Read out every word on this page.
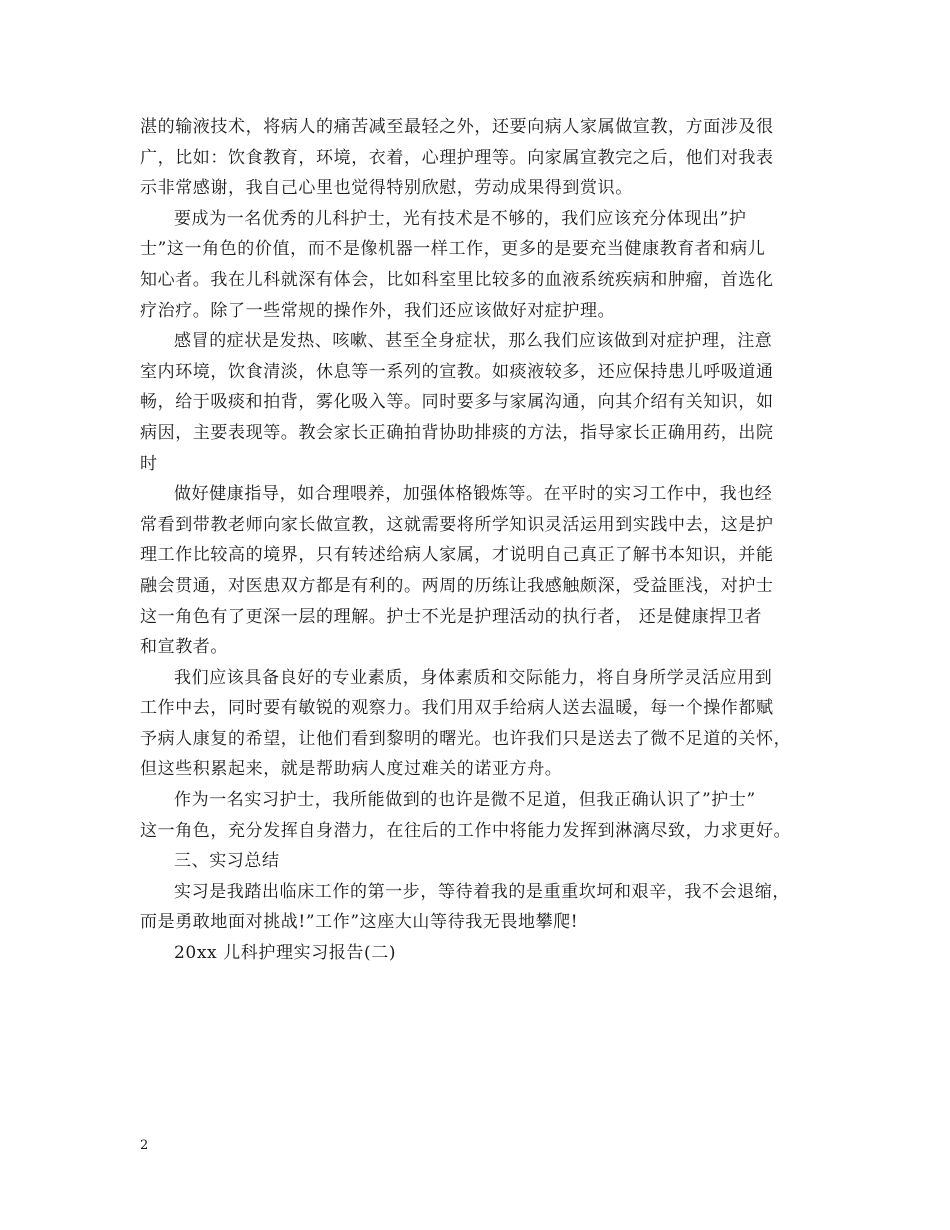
湛的输液技术，将病人的痛苦减至最轻之外，还要向病人家属做宣教，方面涉及很
广，比如：饮食教育，环境，衣着，心理护理等。向家属宣教完之后，他们对我表
示非常感谢，我自己心里也觉得特别欣慰，劳动成果得到赏识。
要成为一名优秀的儿科护士，光有技术是不够的，我们应该充分体现出”护
士”这一角色的价值，而不是像机器一样工作，更多的是要充当健康教育者和病儿
知心者。我在儿科就深有体会，比如科室里比较多的血液系统疾病和肿瘤，首选化
疗治疗。除了一些常规的操作外，我们还应该做好对症护理。
感冒的症状是发热、咳嗽、甚至全身症状，那么我们应该做到对症护理，注意
室内环境，饮食清淡，休息等一系列的宣教。如痰液较多，还应保持患儿呼吸道通
畅，给于吸痰和拍背，雾化吸入等。同时要多与家属沟通，向其介绍有关知识，如
病因，主要表现等。教会家长正确拍背协助排痰的方法，指导家长正确用药，出院
时
做好健康指导，如合理喂养，加强体格锻炼等。在平时的实习工作中，我也经
常看到带教老师向家长做宣教，这就需要将所学知识灵活运用到实践中去，这是护
理工作比较高的境界，只有转述给病人家属，才说明自己真正了解书本知识，并能
融会贯通，对医患双方都是有利的。两周的历练让我感触颇深，受益匪浅，对护士
这一角色有了更深一层的理解。护士不光是护理活动的执行者， 还是健康捍卫者
和宣教者。
我们应该具备良好的专业素质，身体素质和交际能力，将自身所学灵活应用到
工作中去，同时要有敏锐的观察力。我们用双手给病人送去温暖，每一个操作都赋
予病人康复的希望，让他们看到黎明的曙光。也许我们只是送去了微不足道的关怀，
但这些积累起来，就是帮助病人度过难关的诺亚方舟。
作为一名实习护士，我所能做到的也许是微不足道，但我正确认识了”护士”
这一角色，充分发挥自身潜力，在往后的工作中将能力发挥到淋漓尽致，力求更好。
三、实习总结
实习是我踏出临床工作的第一步，等待着我的是重重坎坷和艰辛，我不会退缩，
而是勇敢地面对挑战!”工作”这座大山等待我无畏地攀爬!
20xx 儿科护理实习报告(二)
2
